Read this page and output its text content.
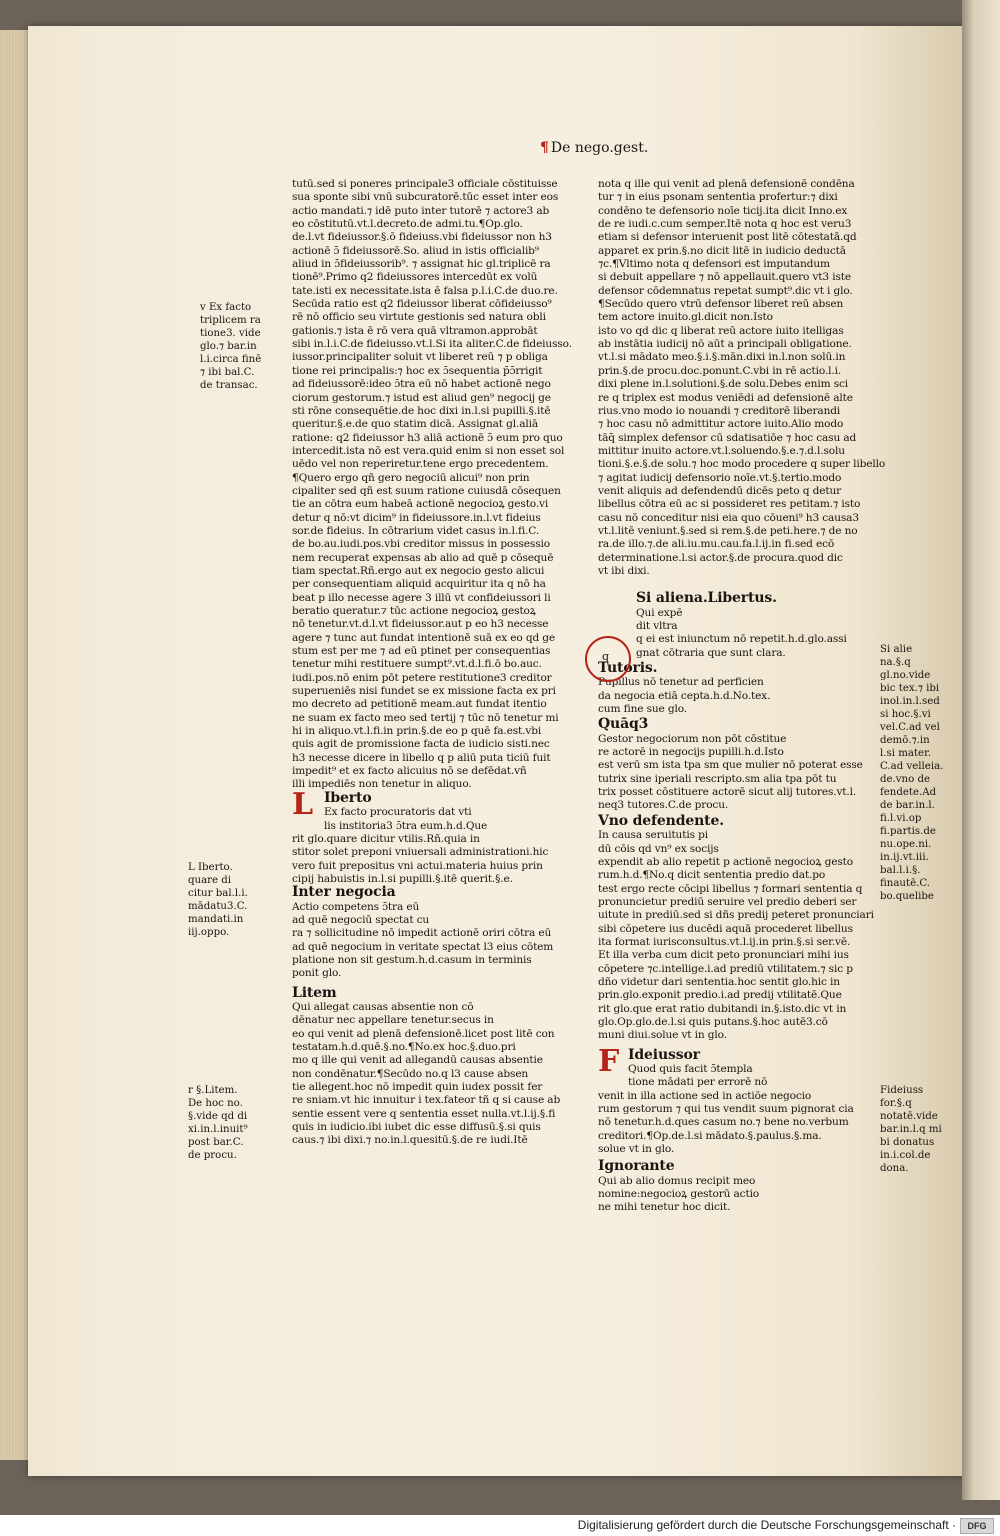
¶ De nego.gest.

tutū.sed si poneres principale3 officiale cōstituisse

sua sponte sibi vnū subcuratorē.tūc esset inter eos

actio mandati.⁊ idē puto inter tutorē ⁊ actore3 ab

eo cōstitutū.vt.l.decreto.de admi.tu.¶Op.glo.

de.l.vt fideiussor.§.ō fideiuss.vbi fideiussor non h3

actionē ɔ̄ fideiussorē.So. aliud in istis officialib⁹

aliud in ɔ̄fideiussorib⁹. ⁊ assignat hic gl.triplicē ra

tionē⁹.Primo q2 fideiussores intercedūt ex volū

tate.isti ex necessitate.ista ē falsa p.l.i.C.de duo.re.

Secūda ratio est q2 fideiussor liberat cōfideiusso⁹

rē nō officio seu virtute gestionis sed natura obli

gationis.⁊ ista ē rō vera quā vltramon.approbāt

sibi in.l.i.C.de fideiusso.vt.l.Si ita aliter.C.de fideiusso.

iussor.principaliter soluit vt liberet reū ⁊ p obliga

tione rei principalis:⁊ hoc ex ɔ̄sequentia p̄ɔ̄rrigit

ad fideiussorē:ideo ɔ̄tra eū nō habet actionē nego

ciorum gestorum.⁊ istud est aliud gen⁹ negocij ge

sti rōne consequētie.de hoc dixi in.l.si pupilli.§.itē

queritur.§.e.de quo statim dicā. Assignat gl.aliā

ratione: q2 fideiussor h3 aliā actionē ɔ̄ eum pro quo

intercedit.ista nō est vera.quid enim si non esset sol

uēdo vel non reperiretur.tene ergo precedentem.

¶Quero ergo qñ gero negociū alicui⁹ non prin

cipaliter sed qñ est suum ratione cuiusdā cōsequen

tie an cōtra eum habeā actionē negocioꝝ gesto.vi

detur q nō:vt dicim⁹ in fideiussore.in.l.vt fideius

sor.de fideius. In cōtrarium videt casus in.l.fi.C.

de bo.au.iudi.pos.vbi creditor missus in possessio

nem recuperat expensas ab alio ad quē p cōsequē

tiam spectat.Rñ.ergo aut ex negocio gesto alicui

per consequentiam aliquid acquiritur ita q nō ha

beat p illo necesse agere 3 illū vt confideiussori li

beratio queratur.⁊ tūc actione negocioꝝ gestoꝝ

nō tenetur.vt.d.l.vt fideiussor.aut p eo h3 necesse

agere ⁊ tunc aut fundat intentionē suā ex eo qd ge

stum est per me ⁊ ad eū ptinet per consequentias

tenetur mihi restituere sumpt⁹.vt.d.l.fi.ō bo.auc.

iudi.pos.nō enim pōt petere restitutione3 creditor

superueniēs nisi fundet se ex missione facta ex pri

mo decreto ad petitionē meam.aut fundat itentio

ne suam ex facto meo sed tertij ⁊ tūc nō tenetur mi

hi in aliquo.vt.l.fi.in prin.§.de eo p quē fa.est.vbi

quis agit de promissione facta de iudicio sisti.nec

h3 necesse dicere in libello q p aliū puta ticiū fuit

impedit⁹ et ex facto alicuius nō se defēdat.vñ

illi impediēs non tenetur in aliquo.

L Iberto

Ex facto procuratoris dat vti

lis institoria3 ɔ̄tra eum.h.d.Que

rit glo.quare dicitur vtilis.Rñ.quia in

stitor solet preponi vniuersali administrationi.hic

vero fuit prepositus vni actui.materia huius prin

cipij habuistis in.l.si pupilli.§.itē querit.§.e.

Inter negocia

Actio competens ɔ̄tra eū

ad quē negociū spectat cu

ra ⁊ sollicitudine nō impedit actionē oriri cōtra eū

ad quē negocium in veritate spectat l3 eius cōtem

platione non sit gestum.h.d.casum in terminis

ponit glo.

Litem

Qui allegat causas absentie non cō

dēnatur nec appellare tenetur.secus in

eo qui venit ad plenā defensionē.licet post litē con

testatam.h.d.quē.§.no.¶No.ex hoc.§.duo.pri

mo q ille qui venit ad allegandū causas absentie

non condēnatur.¶Secūdo no.q l3 cause absen

tie allegent.hoc nō impedit quin iudex possit fer

re sniam.vt hic innuitur i tex.fateor tñ q si cause ab

sentie essent vere q sententia esset nulla.vt.l.ij.§.fi

quis in iudicio.ibi iubet dic esse diffusū.§.si quis

caus.⁊ ibi dixi.⁊ no.in.l.quesitū.§.de re iudi.Itē

nota q ille qui venit ad plenā defensionē condēna

tur ⁊ in eius psonam sententia profertur:⁊ dixi

condēno te defensorio noīe ticij.ita dicit Inno.ex

de re iudi.c.cum semper.Itē nota q hoc est veru3

etiam si defensor interuenit post litē cōtestatā.qd

apparet ex prin.§.no dicit litē in iudicio deductā

⁊c.¶Vltimo nota q defensori est imputandum

si debuit appellare ⁊ nō appellauit.quero vt3 iste

defensor cōdemnatus repetat sumpt⁹.dic vt i glo.

¶Secūdo quero vtrū defensor liberet reū absen

tem actore inuito.gl.dicit non.Isto

isto vo qd dic q liberat reū actore iuito itelligas

ab instātia iudicij nō aūt a principali obligatione.

vt.l.si mādato meo.§.i.§.mān.dixi in.l.non solū.in

prin.§.de procu.doc.ponunt.C.vbi in rē actio.l.i.

dixi plene in.l.solutioni.§.de solu.Debes enim sci

re q triplex est modus veniēdi ad defensionē alte

rius.vno modo io nouandi ⁊ creditorē liberandi

⁊ hoc casu nō admittitur actore iuito.Alio modo

tāq̄ simplex defensor cū sdatisatiōe ⁊ hoc casu ad

mittitur inuito actore.vt.l.soluendo.§.e.⁊.d.l.solu

tioni.§.e.§.de solu.⁊ hoc modo procedere q super libello

⁊ agitat iudicij defensorio noīe.vt.§.tertio.modo

venit aliquis ad defendendū dicēs peto q detur

libellus cōtra eū ac si possideret res petitam.⁊ isto

casu nō conceditur nisi eia quo cōueni⁹ h3 causa3

vt.l.litē veniunt.§.sed si rem.§.de peti.here.⁊ de no

ra.de illo.⁊.de ali.iu.mu.cau.fa.l.ij.in fi.sed ecō

determinatione.l.si actor.§.de procura.quod dic

vt ibi dixi.

Si aliena.Libertus.

Qui expē

dit vltra

q ei est iniunctum nō repetit.h.d.glo.assi

gnat cōtraria que sunt clara.

Tutoris.

Pupillus nō tenetur ad perficien

da negocia etiā cepta.h.d.No.tex.

cum fine sue glo.

Quāq3

Gestor negociorum non pōt cōstitue

re actorē in negocijs pupilli.h.d.Isto

est verū sm ista tpa sm que mulier nō poterat esse

tutrix sine iperiali rescripto.sm alia tpa pōt tu

trix posset cōstituere actorē sicut alij tutores.vt.l.

neq3 tutores.C.de procu.

Vno defendente.

In causa seruitutis pi

dū cōis qd vn⁹ ex socijs

expendit ab alio repetit p actionē negocioꝝ gesto

rum.h.d.¶No.q dicit sententia predio dat.po

test ergo recte cōcipi libellus ⁊ formari sententia q

pronuncietur prediū seruire vel predio deberi ser

uitute in prediū.sed si dñs predij peteret pronunciari

sibi cōpetere ius ducēdi aquā procederet libellus

ita format iurisconsultus.vt.l.ij.in prin.§.si ser.vē.

Et illa verba cum dicit peto pronunciari mihi ius

cōpetere ⁊c.intellige.i.ad prediū vtilitatem.⁊ sic p

dño videtur dari sententia.hoc sentit glo.hic in

prin.glo.exponit predio.i.ad predij vtilitatē.Que

rit glo.que erat ratio dubitandi in.§.isto.dic vt in

glo.Op.glo.de.l.si quis putans.§.hoc autē3.cō

muni diui.solue vt in glo.

F Ideiussor

Quod quis facit ɔ̄templa

tione mādati per errorē nō

venit in illa actione sed in actiōe negocio

rum gestorum ⁊ qui tus vendit suum pignorat cia

nō tenetur.h.d.ques casum no.⁊ bene no.verbum

creditori.¶Op.de.l.si mādato.§.paulus.§.ma.

solue vt in glo.

Ignorante

Qui ab alio domus recipit meo

nomine:negocioꝝ gestorū actio

ne mihi tenetur hoc dicit.

q

v Ex facto

triplicem ra

tione3. vide

glo.⁊ bar.in

l.i.circa finē

⁊ ibi bal.C.

de transac.

L Iberto.

quare di

citur bal.l.i.

mādatu3.C.

mandati.in

iij.oppo.

r §.Litem.

De hoc no.

§.vide qd di

xi.in.l.inuit⁹

post bar.C.

de procu.

Si alie

na.§.q

gl.no.vide

bic tex.⁊ ibi

inol.in.l.sed

si hoc.§.vi

vel.C.ad vel

demō.⁊.in

l.si mater.

C.ad velleia.

de.vno de

fendete.Ad

de bar.in.l.

fi.l.vi.op

fi.partis.de

nu.ope.ni.

in.ij.vt.iii.

bal.l.i.§.

finautē.C.

bo.quelibe

Fideiuss

for.§.q

notatē.vide

bar.in.l.q mi

bi donatus

in.i.col.de

dona.

Digitalisierung gefördert durch die Deutsche Forschungsgemeinschaft ·	DFG
